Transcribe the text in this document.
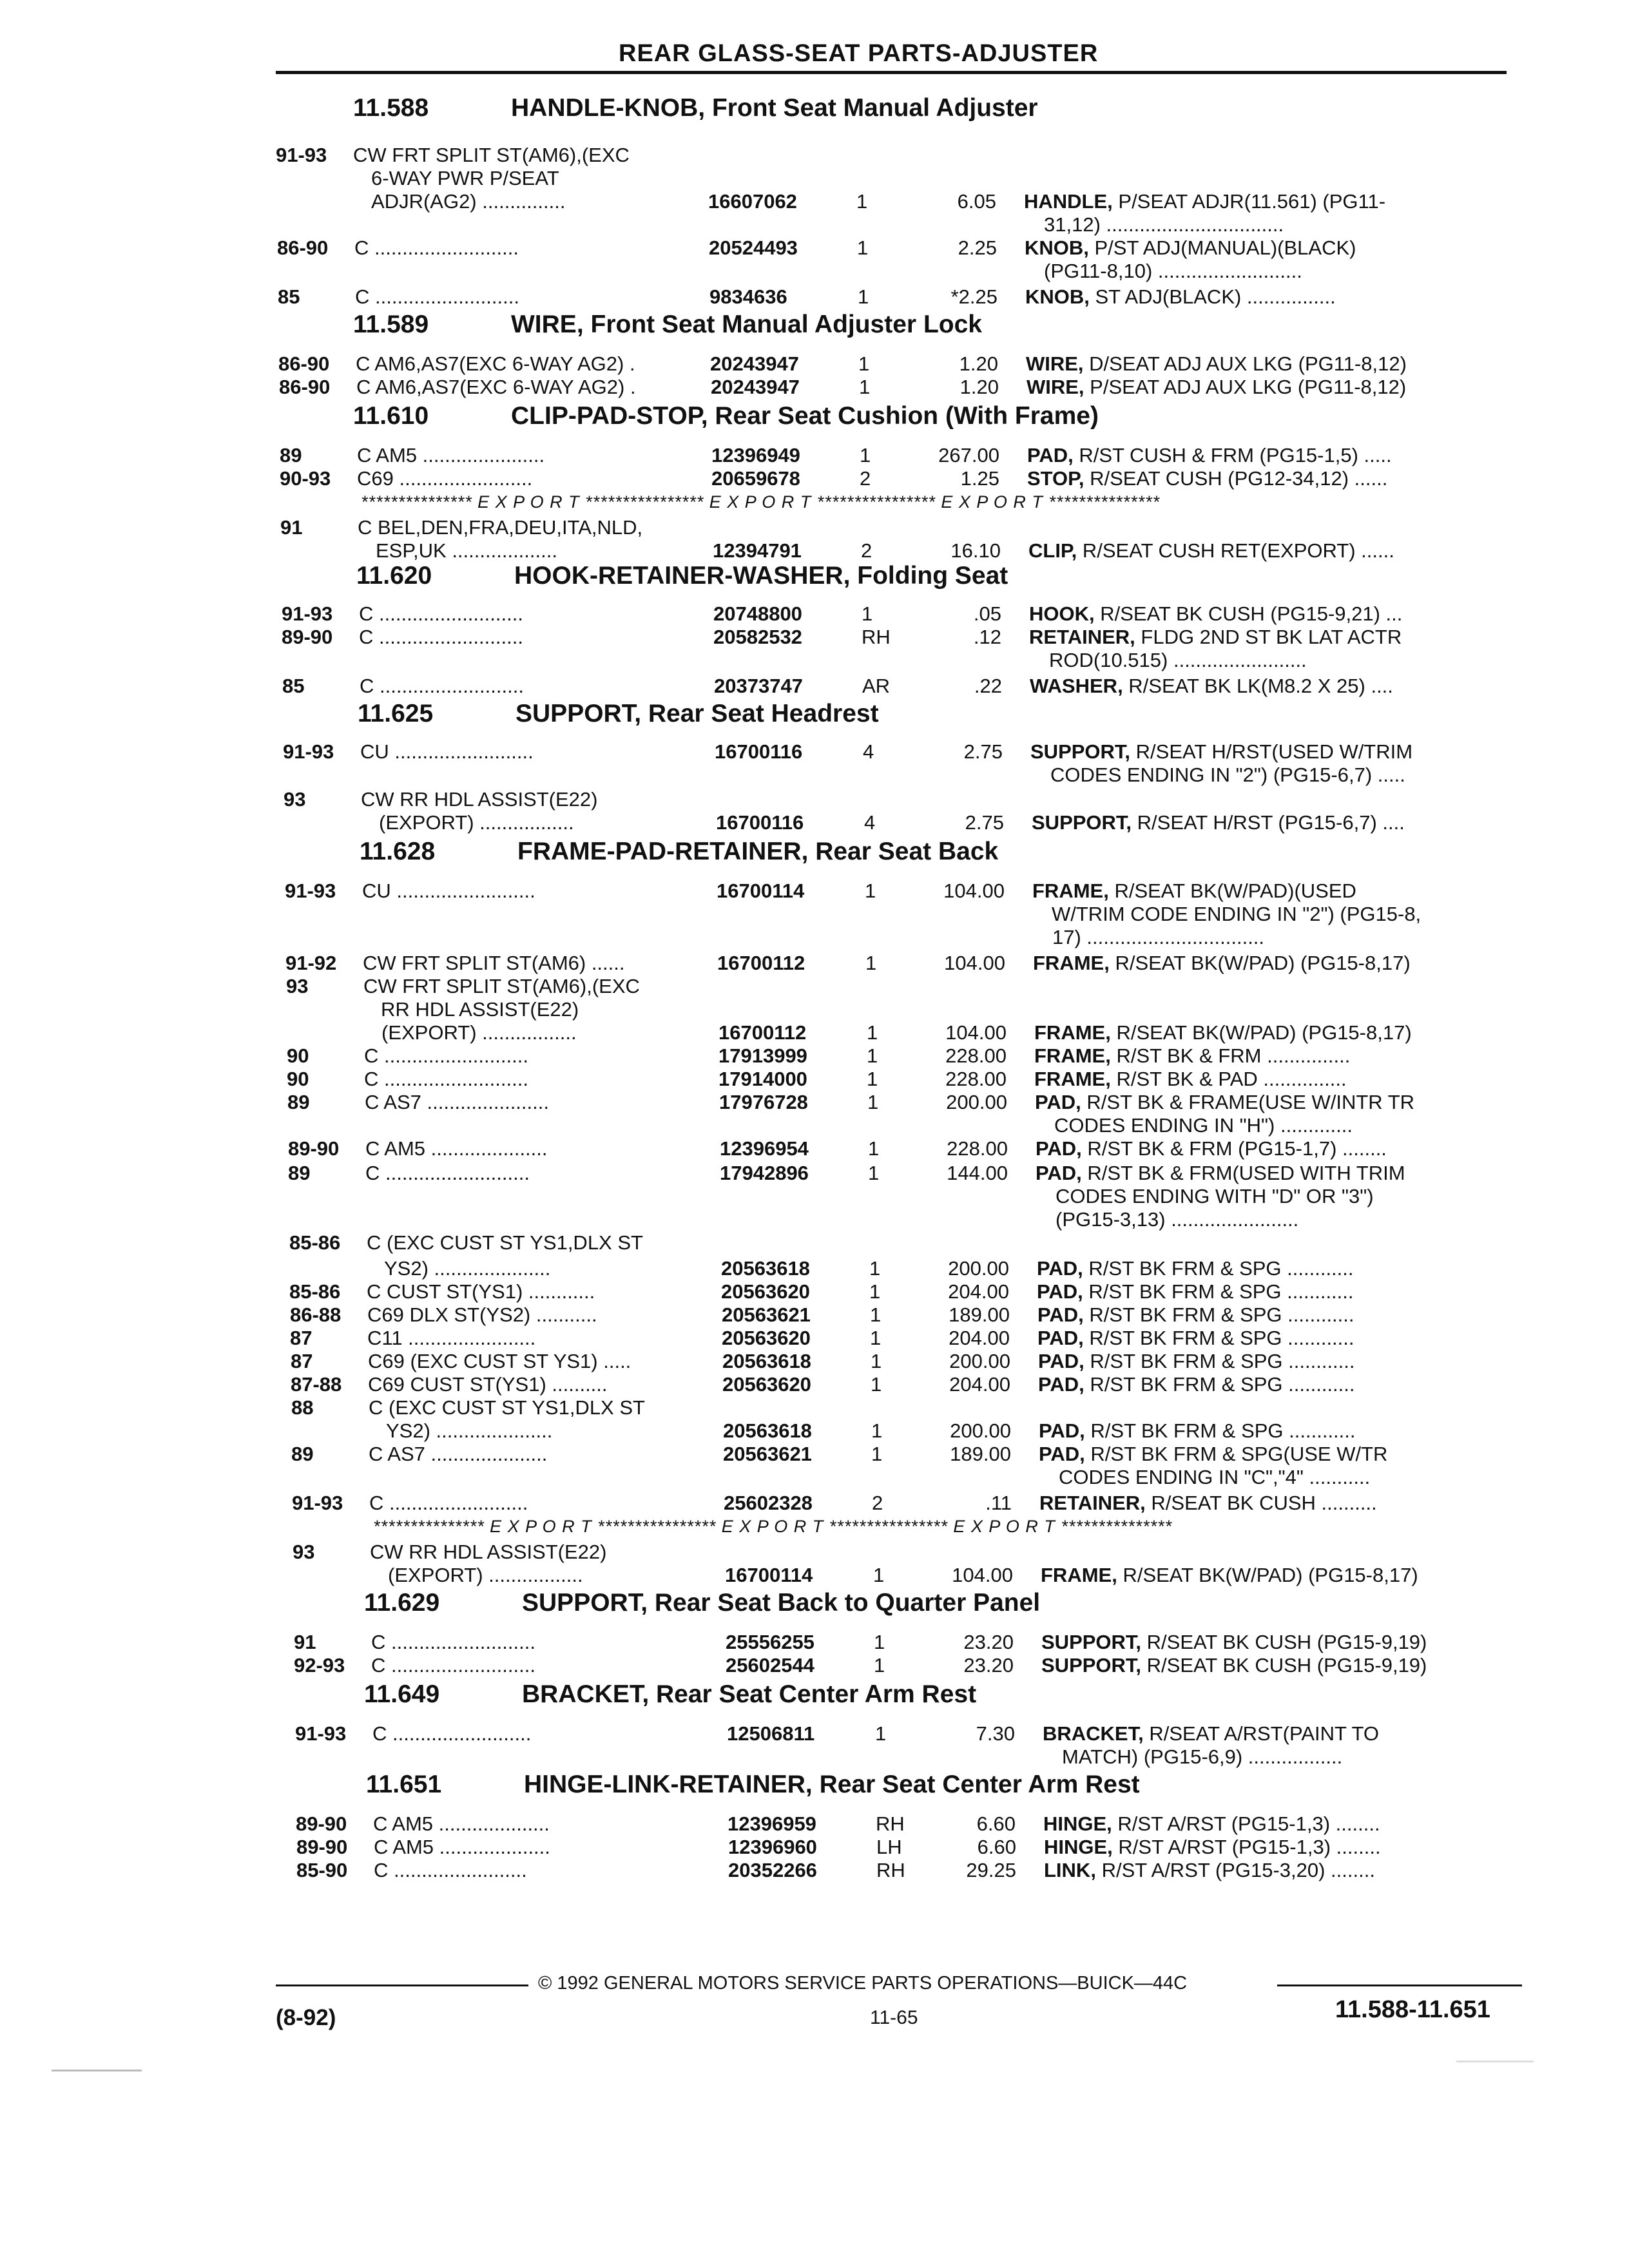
REAR GLASS-SEAT PARTS-ADJUSTER
11.588	HANDLE-KNOB, Front Seat Manual Adjuster
11.589	WIRE, Front Seat Manual Adjuster Lock
11.610	CLIP-PAD-STOP, Rear Seat Cushion (With Frame)
11.620	HOOK-RETAINER-WASHER, Folding Seat
11.625	SUPPORT, Rear Seat Headrest
11.628	FRAME-PAD-RETAINER, Rear Seat Back
11.629	SUPPORT, Rear Seat Back to Quarter Panel
11.649	BRACKET, Rear Seat Center Arm Rest
11.651	HINGE-LINK-RETAINER, Rear Seat Center Arm Rest
91-93 CW FRT SPLIT ST(AM6),(EXC
6-WAY PWR P/SEAT
ADJR(AG2) ...............	16607062	1	6.05 HANDLE, P/SEAT ADJR(11.561) (PG11-
31,12) ................................
86-90 C ..........................	20524493	1	2.25 KNOB, P/ST ADJ(MANUAL)(BLACK)
(PG11-8,10) ..........................
85	C ..........................	9834636	1	*2.25 KNOB, ST ADJ(BLACK) ................
86-90 C AM6,AS7(EXC 6-WAY AG2) .	20243947	1	1.20 WIRE, D/SEAT ADJ AUX LKG (PG11-8,12)
86-90 C AM6,AS7(EXC 6-WAY AG2) .	20243947	1	1.20 WIRE, P/SEAT ADJ AUX LKG (PG11-8,12)
89	C AM5 ......................	12396949	1	267.00 PAD, R/ST CUSH & FRM (PG15-1,5) .....
90-93 C69 ........................	20659678	2	1.25 STOP, R/SEAT CUSH (PG12-34,12) ......
*************** E X P O R T **************** E X P O R T **************** E X P O R T ***************
91	C BEL,DEN,FRA,DEU,ITA,NLD,
ESP,UK ...................	12394791	2	16.10 CLIP, R/SEAT CUSH RET(EXPORT) ......
91-93 C ..........................	20748800	1	.05 HOOK, R/SEAT BK CUSH (PG15-9,21) ...
89-90 C ..........................	20582532	RH	.12 RETAINER, FLDG 2ND ST BK LAT ACTR
ROD(10.515) ........................
85	C ..........................	20373747	AR	.22 WASHER, R/SEAT BK LK(M8.2 X 25) ....
91-93 CU .........................	16700116	4	2.75 SUPPORT, R/SEAT H/RST(USED W/TRIM
CODES ENDING IN "2") (PG15-6,7) .....
93	CW RR HDL ASSIST(E22)
(EXPORT) .................	16700116	4	2.75 SUPPORT, R/SEAT H/RST (PG15-6,7) ....
91-93 CU .........................	16700114	1	104.00 FRAME, R/SEAT BK(W/PAD)(USED
W/TRIM CODE ENDING IN "2") (PG15-8,
17) ................................
91-92 CW FRT SPLIT ST(AM6) ......	16700112	1	104.00 FRAME, R/SEAT BK(W/PAD) (PG15-8,17)
93	CW FRT SPLIT ST(AM6),(EXC
RR HDL ASSIST(E22)
(EXPORT) .................	16700112	1	104.00 FRAME, R/SEAT BK(W/PAD) (PG15-8,17)
90	C ..........................	17913999	1	228.00 FRAME, R/ST BK & FRM ...............
90	C ..........................	17914000	1	228.00 FRAME, R/ST BK & PAD ...............
89	C AS7 ......................	17976728	1	200.00 PAD, R/ST BK & FRAME(USE W/INTR TR
CODES ENDING IN "H") .............
89-90 C AM5 .....................	12396954	1	228.00 PAD, R/ST BK & FRM (PG15-1,7) ........
89	C ..........................	17942896	1	144.00 PAD, R/ST BK & FRM(USED WITH TRIM
CODES ENDING WITH "D" OR "3")
(PG15-3,13) .......................
85-86 C (EXC CUST ST YS1,DLX ST
YS2) .....................	20563618	1	200.00 PAD, R/ST BK FRM & SPG ............
85-86 C CUST ST(YS1) ............	20563620	1	204.00 PAD, R/ST BK FRM & SPG ............
86-88 C69 DLX ST(YS2) ...........	20563621	1	189.00 PAD, R/ST BK FRM & SPG ............
87	C11 .......................	20563620	1	204.00 PAD, R/ST BK FRM & SPG ............
87	C69 (EXC CUST ST YS1) .....	20563618	1	200.00 PAD, R/ST BK FRM & SPG ............
87-88 C69 CUST ST(YS1) ..........	20563620	1	204.00 PAD, R/ST BK FRM & SPG ............
88	C (EXC CUST ST YS1,DLX ST
YS2) .....................	20563618	1	200.00 PAD, R/ST BK FRM & SPG ............
89	C AS7 .....................	20563621	1	189.00 PAD, R/ST BK FRM & SPG(USE W/TR
CODES ENDING IN "C","4" ...........
91-93 C .........................	25602328	2	.11 RETAINER, R/SEAT BK CUSH ..........
*************** E X P O R T **************** E X P O R T **************** E X P O R T ***************
93	CW RR HDL ASSIST(E22)
(EXPORT) .................	16700114	1	104.00 FRAME, R/SEAT BK(W/PAD) (PG15-8,17)
91	C ..........................	25556255	1	23.20 SUPPORT, R/SEAT BK CUSH (PG15-9,19)
92-93 C ..........................	25602544	1	23.20 SUPPORT, R/SEAT BK CUSH (PG15-9,19)
91-93 C .........................	12506811	1	7.30 BRACKET, R/SEAT A/RST(PAINT TO
MATCH) (PG15-6,9) .................
89-90 C AM5 ....................	12396959	RH	6.60 HINGE, R/ST A/RST (PG15-1,3) ........
89-90 C AM5 ....................	12396960	LH	6.60 HINGE, R/ST A/RST (PG15-1,3) ........
85-90 C ........................	20352266	RH	29.25 LINK, R/ST A/RST (PG15-3,20) ........
© 1992 GENERAL MOTORS SERVICE PARTS OPERATIONS—BUICK—44C
(8-92)	11-65	11.588-11.651
